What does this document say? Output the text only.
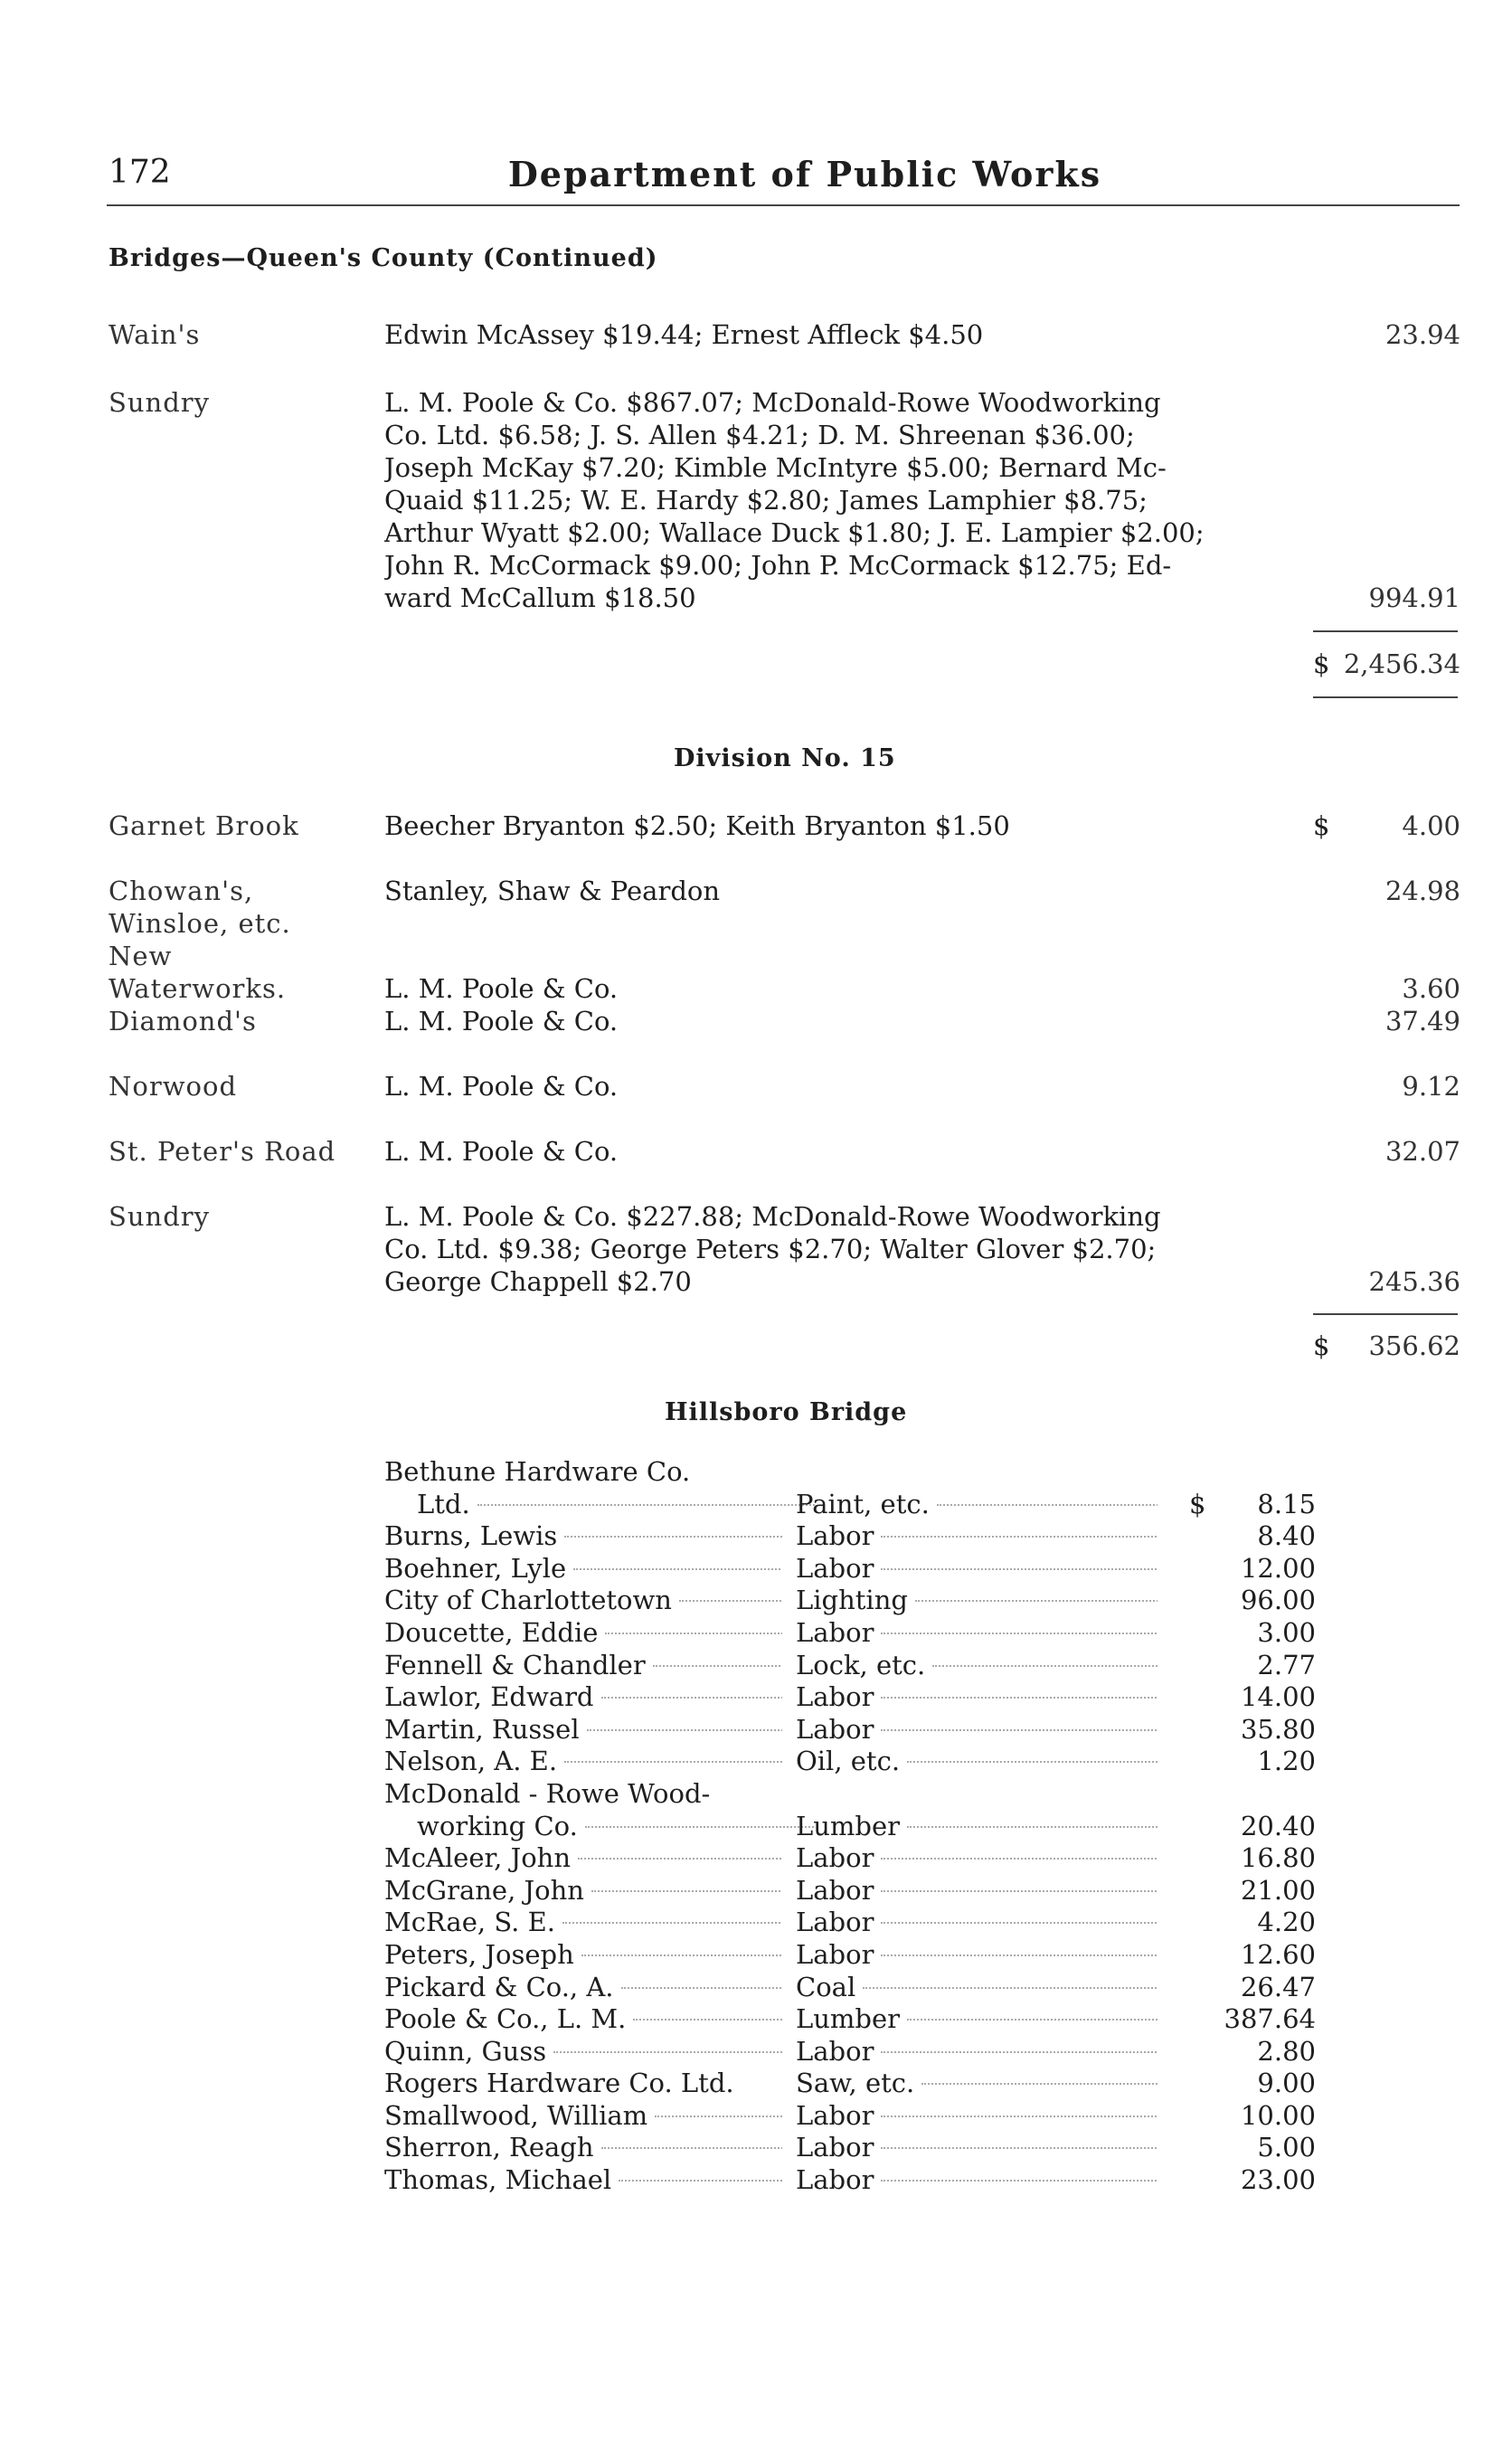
172	Department of Public Works
Bridges—Queen's County (Continued)
Wain's	Edwin McAssey $19.44; Ernest Affleck $4.50	23.94
Sundry	L. M. Poole & Co. $867.07; McDonald-Rowe Woodworking
Co. Ltd. $6.58; J. S. Allen $4.21; D. M. Shreenan $36.00;
Joseph McKay $7.20; Kimble McIntyre $5.00; Bernard Mc-
Quaid $11.25; W. E. Hardy $2.80; James Lamphier $8.75;
Arthur Wyatt $2.00; Wallace Duck $1.80; J. E. Lampier $2.00;
John R. McCormack $9.00; John P. McCormack $12.75; Ed-
ward McCallum $18.50	994.91
$ 2,456.34
Division No. 15
Garnet Brook	Beecher Bryanton $2.50; Keith Bryanton $1.50	$	4.00
Chowan's,
Winsloe, etc.
Stanley, Shaw & Peardon	24.98
New
Waterworks.	L. M. Poole & Co.	3.60
Diamond's	L. M. Poole & Co.	37.49
Norwood	L. M. Poole & Co.	9.12
St. Peter's Road	L. M. Poole & Co.	32.07
Sundry	L. M. Poole & Co. $227.88; McDonald-Rowe Woodworking
Co. Ltd. $9.38; George Peters $2.70; Walter Glover $2.70;
George Chappell $2.70	245.36
$	356.62
Hillsboro Bridge
Bethune Hardware Co.
Ltd.	Paint, etc.	$	8.15
Burns, Lewis	Labor	8.40
Boehner, Lyle	Labor	12.00
City of Charlottetown	Lighting	96.00
Doucette, Eddie	Labor	3.00
Fennell & Chandler	Lock, etc.	2.77
Lawlor, Edward	Labor	14.00
Martin, Russel	Labor	35.80
Nelson, A. E.	Oil, etc.	1.20
McDonald - Rowe Wood-
working Co.	Lumber	20.40
McAleer, John	Labor	16.80
McGrane, John	Labor	21.00
McRae, S. E.	Labor	4.20
Peters, Joseph	Labor	12.60
Pickard & Co., A.	Coal	26.47
Poole & Co., L. M.	Lumber	387.64
Quinn, Guss	Labor	2.80
Rogers Hardware Co. Ltd.	Saw, etc.	9.00
Smallwood, William	Labor	10.00
Sherron, Reagh	Labor	5.00
Thomas, Michael	Labor	23.00
